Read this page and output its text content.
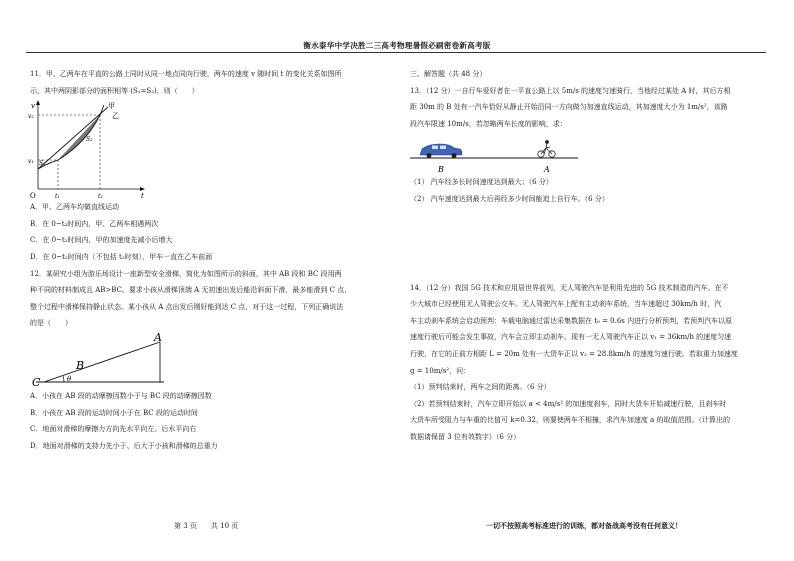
衡水泰华中学决胜二三高考物理暑假必刷密卷新高考版

11．甲、乙两车在平直的公路上同时从同一地点同向行驶，两车的速度 v 随时间 t 的变化关系如图所

示，其中两阴影部分的面积相等 (S₁=S₂)，则（　　）

v
t
O
v₂
v₁
t₁	t₂
甲
乙
S₂
S₁

A．甲、乙两车均做直线运动

B．在 0~t₂时间内，甲、乙两车相遇两次

C．在 0~t₂时间内，甲的加速度先减小后增大

D．在 0~t₂时间内（不包括 t₂时刻），甲车一直在乙车前面

12．某研究小组为游乐场设计一座新型安全滑梯，简化为如图所示的斜面，其中 AB 段和 BC 段用两

种不同的材料制成且 AB>BC。要求小孩从滑梯顶端 A 无初速出发后能沿斜面下滑，最多能滑到 C 点，

整个过程中滑梯保持静止状态。某小孩从 A 点出发后刚好能到达 C 点，对于这一过程，下列正确说法

的是（　　）

A
B
C	θ

A．小孩在 AB 段的动摩擦因数小于与 BC 段的动摩擦因数

B．小孩在 AB 段的运动时间小于在 BC 段的运动时间

C．地面对滑梯的摩擦力方向先水平向左、后水平向右

D．地面对滑梯的支持力先小于、后大于小孩和滑梯的总重力

三、解答题（共 48 分）

13．（12 分）一自行车爱好者在一平直公路上以 5m/s 的速度匀速骑行，当他经过某处 A 时，其后方相

距 30m 的 B 处有一汽车恰好从静止开始沿同一方向做匀加速直线运动，其加速度大小为 1m/s²，该路

段汽车限速 10m/s，若忽略两车长度的影响，求：

B	A

（1） 汽车经多长时间速度达到最大；（6 分）

（2） 汽车速度达到最大后再经多少时间能追上自行车。（6 分）

14．（12 分）我国 5G 技术和应用居世界前列，无人驾驶汽车是利用先进的 5G 技术制造的汽车。在不

少大城市已经使用无人驾驶公交车。无人驾驶汽车上配有主动刹车系统，当车速超过 30km/h 时，汽

车主动刹车系统会启动预判：车载电脑通过雷达采集数据在 t₀ = 0.6s 内进行分析预判，若预判汽车以原

速度行驶后可能会发生事故，汽车会立即主动刹车。现有一无人驾驶汽车正以 v₁ = 36km/h 的速度匀速

行驶，在它的正前方相距 L = 20m 处有一大货车正以 v₂ = 28.8km/h 的速度匀速行驶。若取重力加速度

g = 10m/s²，问：

（1）预判结束时，两车之间的距离。（6 分）

（2）若预判结束时，汽车立即开始以 a < 4m/s² 的加速度刹车，同时大货车开始减速行驶，且刹车时

大货车所受阻力与车重的比值可 k=0.32，则要使两车不相撞，求汽车加速度 a 的取值范围。（计算出的

数据请保留 3 位有效数字）（6 分）

第 3 页　　共 10 页	一切不按照高考标准进行的训练，都对备战高考没有任何意义！
